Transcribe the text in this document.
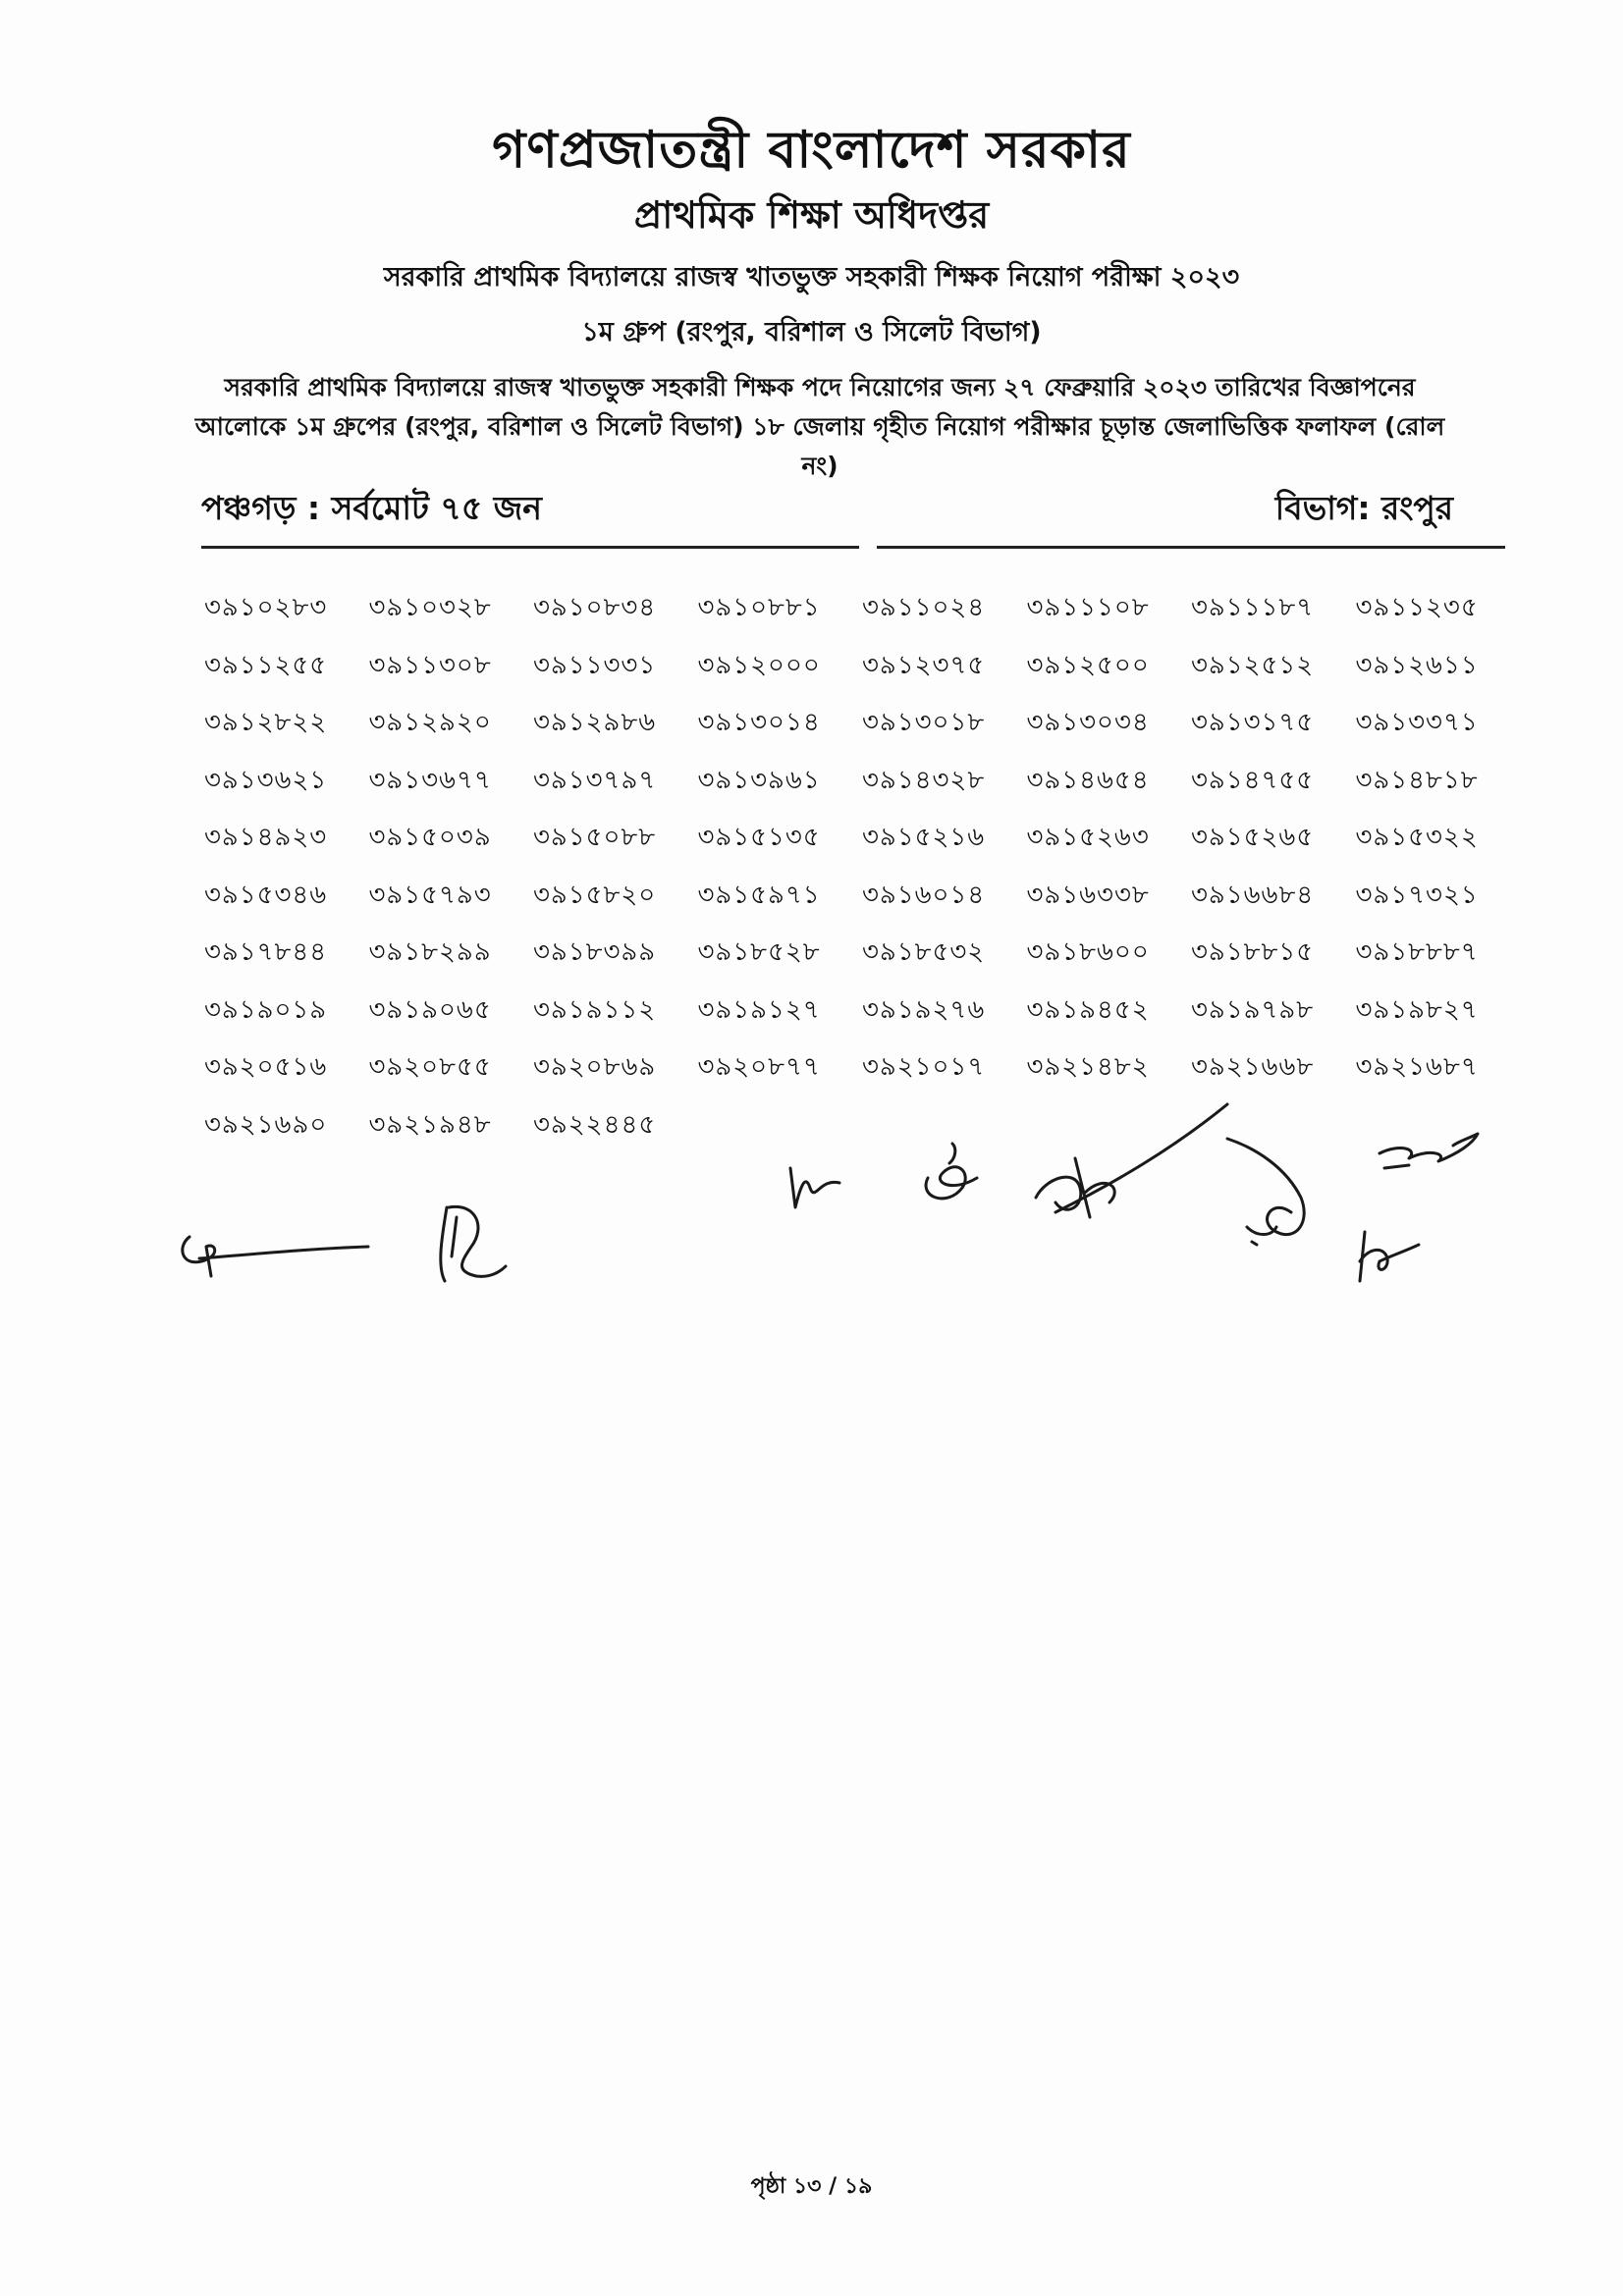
গণপ্রজাতন্ত্রী বাংলাদেশ সরকার
প্রাথমিক শিক্ষা অধিদপ্তর
সরকারি প্রাথমিক বিদ্যালয়ে রাজস্ব খাতভুক্ত সহকারী শিক্ষক নিয়োগ পরীক্ষা ২০২৩
১ম গ্রুপ (রংপুর, বরিশাল ও সিলেট বিভাগ)
সরকারি প্রাথমিক বিদ্যালয়ে রাজস্ব খাতভুক্ত সহকারী শিক্ষক পদে নিয়োগের জন্য ২৭ ফেব্রুয়ারি ২০২৩ তারিখের বিজ্ঞাপনের
আলোকে ১ম গ্রুপের (রংপুর, বরিশাল ও সিলেট বিভাগ) ১৮ জেলায় গৃহীত নিয়োগ পরীক্ষার চূড়ান্ত জেলাভিত্তিক ফলাফল (রোল নং)
পঞ্চগড় : সর্বমোট ৭৫ জন	বিভাগ: রংপুর
৩৯১০২৮৩	৩৯১০৩২৮	৩৯১০৮৩৪	৩৯১০৮৮১	৩৯১১০২৪	৩৯১১১০৮	৩৯১১১৮৭	৩৯১১২৩৫
৩৯১১২৫৫	৩৯১১৩০৮	৩৯১১৩৩১	৩৯১২০০০	৩৯১২৩৭৫	৩৯১২৫০০	৩৯১২৫১২	৩৯১২৬১১
৩৯১২৮২২	৩৯১২৯২০	৩৯১২৯৮৬	৩৯১৩০১৪	৩৯১৩০১৮	৩৯১৩০৩৪	৩৯১৩১৭৫	৩৯১৩৩৭১
৩৯১৩৬২১	৩৯১৩৬৭৭	৩৯১৩৭৯৭	৩৯১৩৯৬১	৩৯১৪৩২৮	৩৯১৪৬৫৪	৩৯১৪৭৫৫	৩৯১৪৮১৮
৩৯১৪৯২৩	৩৯১৫০৩৯	৩৯১৫০৮৮	৩৯১৫১৩৫	৩৯১৫২১৬	৩৯১৫২৬৩	৩৯১৫২৬৫	৩৯১৫৩২২
৩৯১৫৩৪৬	৩৯১৫৭৯৩	৩৯১৫৮২০	৩৯১৫৯৭১	৩৯১৬০১৪	৩৯১৬৩৩৮	৩৯১৬৬৮৪	৩৯১৭৩২১
৩৯১৭৮৪৪	৩৯১৮২৯৯	৩৯১৮৩৯৯	৩৯১৮৫২৮	৩৯১৮৫৩২	৩৯১৮৬০০	৩৯১৮৮১৫	৩৯১৮৮৮৭
৩৯১৯০১৯	৩৯১৯০৬৫	৩৯১৯১১২	৩৯১৯১২৭	৩৯১৯২৭৬	৩৯১৯৪৫২	৩৯১৯৭৯৮	৩৯১৯৮২৭
৩৯২০৫১৬	৩৯২০৮৫৫	৩৯২০৮৬৯	৩৯২০৮৭৭	৩৯২১০১৭	৩৯২১৪৮২	৩৯২১৬৬৮	৩৯২১৬৮৭
৩৯২১৬৯০	৩৯২১৯৪৮	৩৯২২৪৪৫
পৃষ্ঠা ১৩ / ১৯
